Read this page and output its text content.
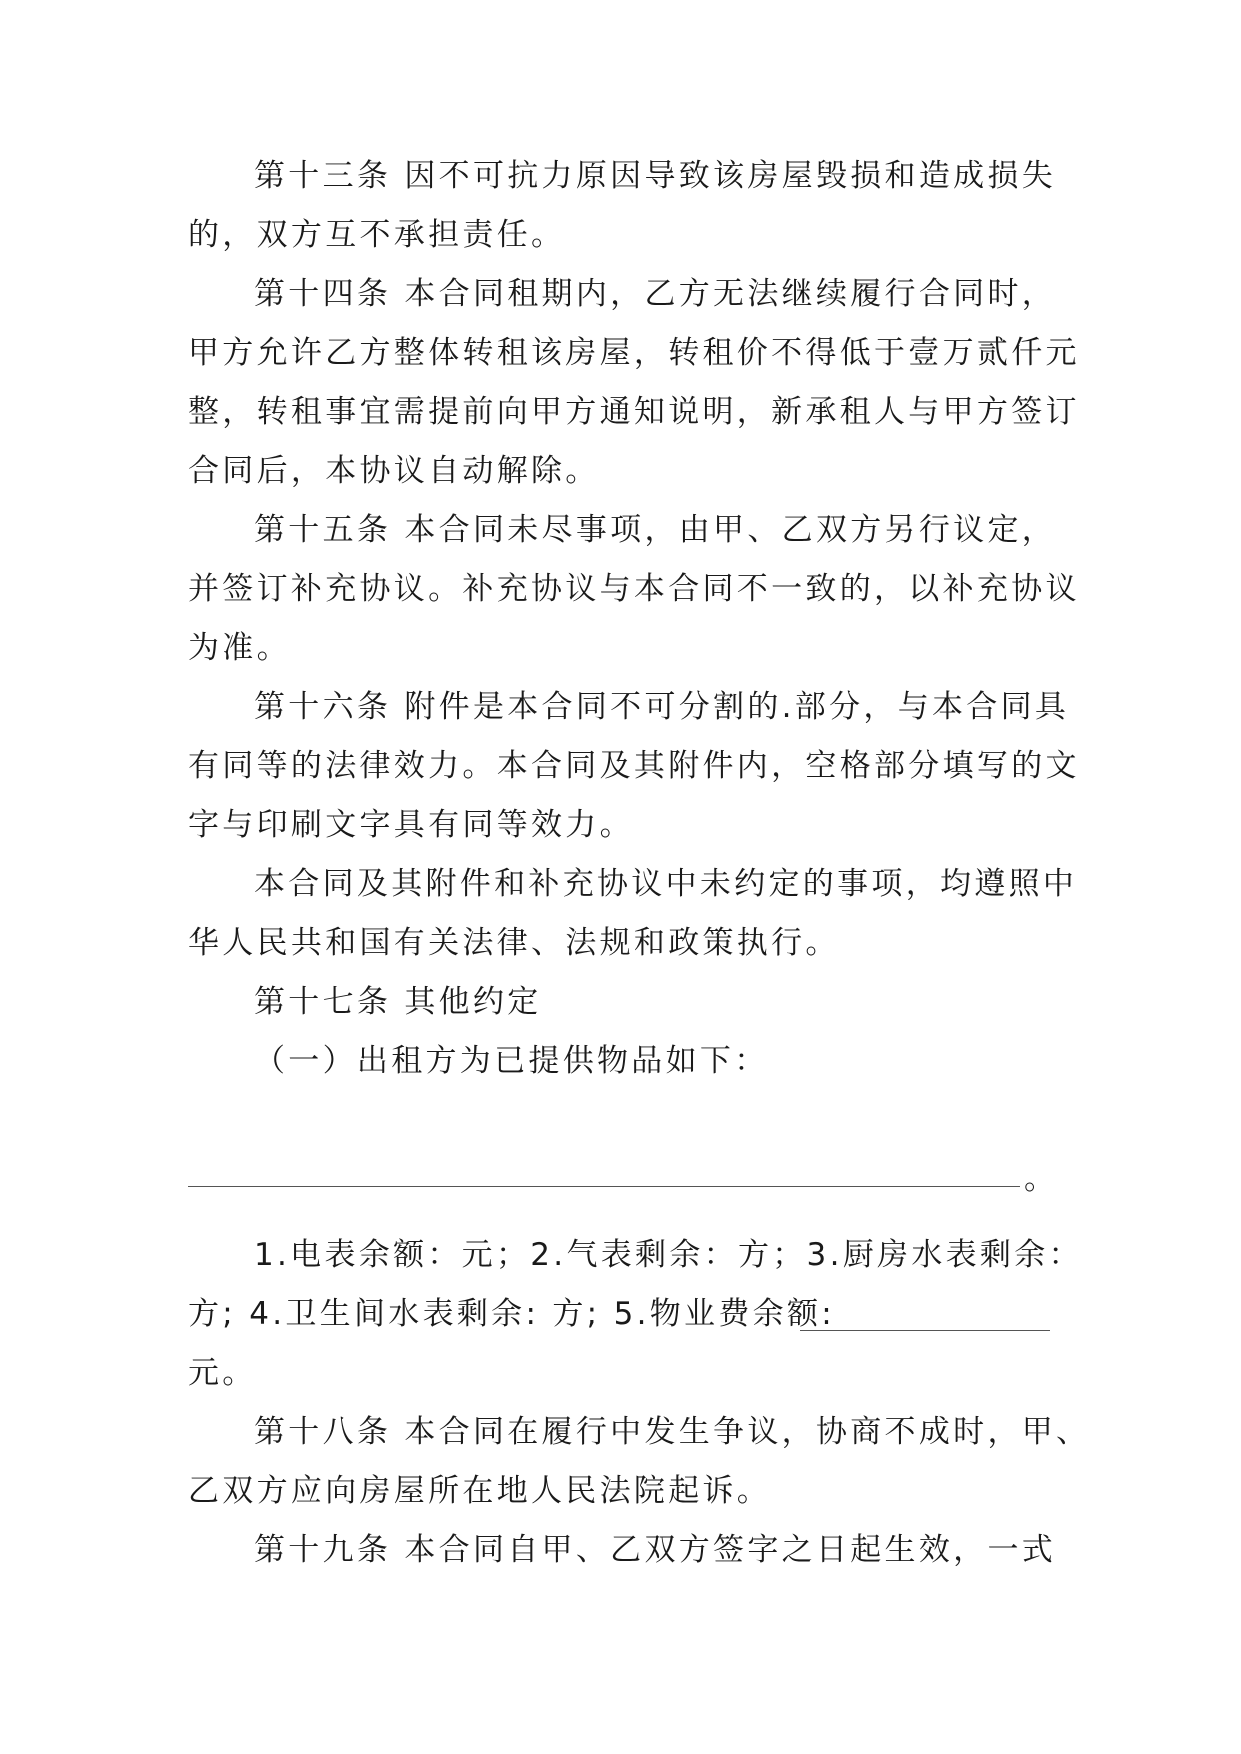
第十三条 因不可抗力原因导致该房屋毁损和造成损失
的，双方互不承担责任。
第十四条 本合同租期内，乙方无法继续履行合同时，
甲方允许乙方整体转租该房屋，转租价不得低于壹万贰仟元
整，转租事宜需提前向甲方通知说明，新承租人与甲方签订
合同后，本协议自动解除。
第十五条 本合同未尽事项，由甲、乙双方另行议定，
并签订补充协议。补充协议与本合同不一致的，以补充协议
为准。
第十六条 附件是本合同不可分割的.部分，与本合同具
有同等的法律效力。本合同及其附件内，空格部分填写的文
字与印刷文字具有同等效力。
本合同及其附件和补充协议中未约定的事项，均遵照中
华人民共和国有关法律、法规和政策执行。
第十七条 其他约定
（一）出租方为已提供物品如下：
。
1.电表余额：元；2.气表剩余：方；3.厨房水表剩余：
方; 4.卫生间水表剩余: 方; 5.物业费余额:
元。
第十八条 本合同在履行中发生争议，协商不成时，甲、
乙双方应向房屋所在地人民法院起诉。
第十九条 本合同自甲、乙双方签字之日起生效，一式
